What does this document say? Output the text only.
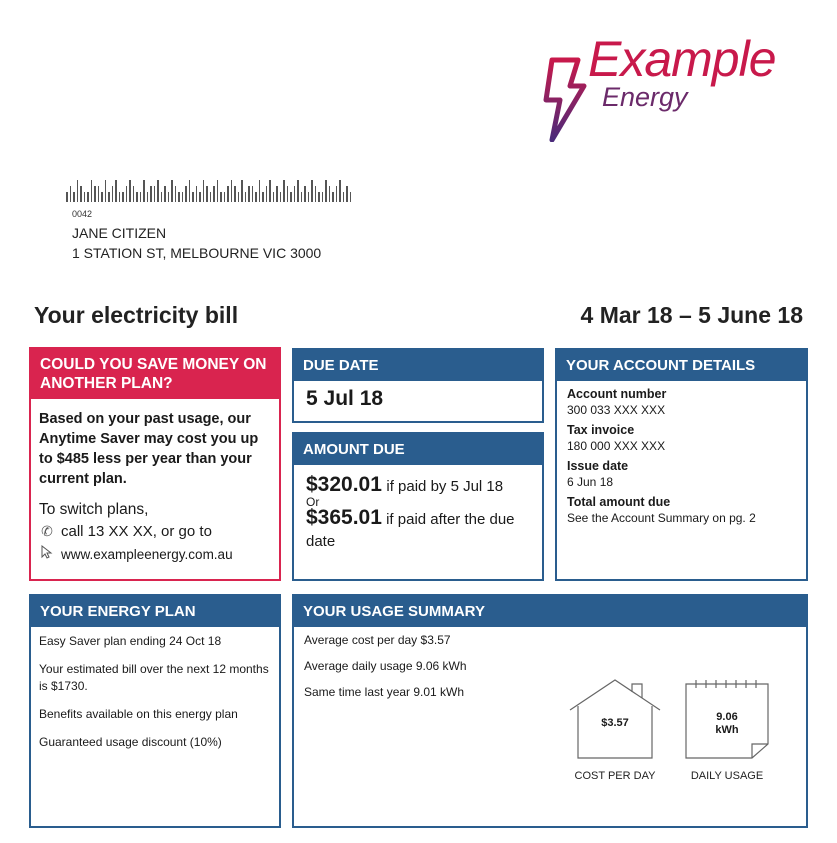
Example
Energy
0042
JANE CITIZEN
1 STATION ST, MELBOURNE VIC 3000
Your electricity bill	4 Mar 18 – 5 June 18
COULD YOU SAVE MONEY ON ANOTHER PLAN?
Based on your past usage, our Anytime Saver may cost you up to $485 less per year than your current plan.
To switch plans,
✆ call 13 XX XX, or go to
www.exampleenergy.com.au
DUE DATE
5 Jul 18
AMOUNT DUE
$320.01 if paid by 5 Jul 18
Or
$365.01 if paid after the due date
YOUR ACCOUNT DETAILS
Account number
300 033 XXX XXX
Tax invoice
180 000 XXX XXX
Issue date
6 Jun 18
Total amount due
See the Account Summary on pg. 2
YOUR ENERGY PLAN

Easy Saver plan ending 24 Oct 18

Your estimated bill over the next 12 months is $1730.

Benefits available on this energy plan

Guaranteed usage discount (10%)

YOUR USAGE SUMMARY

Average cost per day $3.57

Average daily usage 9.06 kWh

Same time last year 9.01 kWh

$3.57
COST PER DAY
9.06
kWh
DAILY USAGE
